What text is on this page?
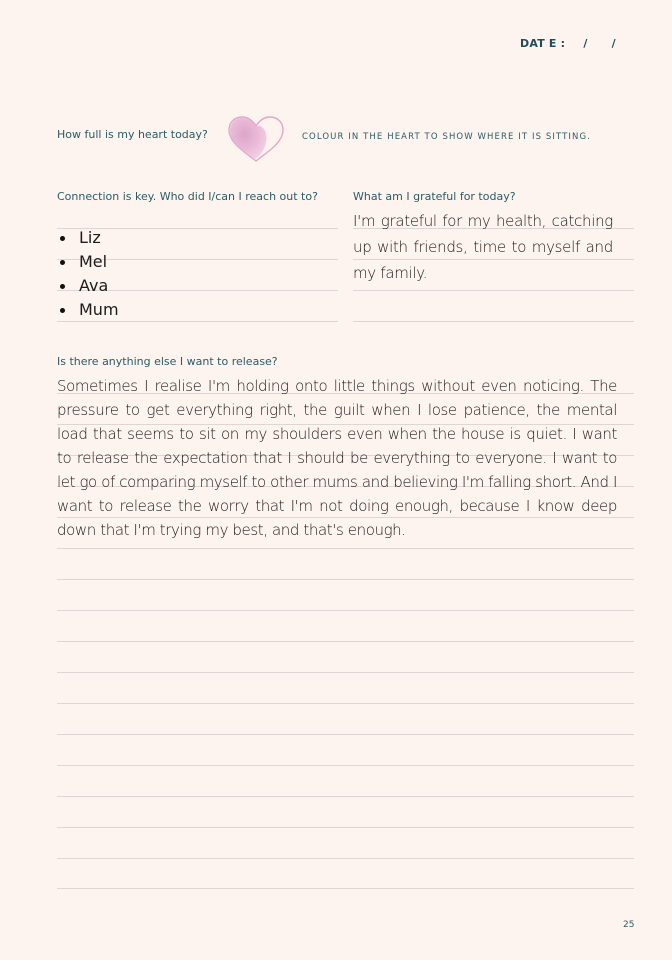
DAT E : / /
How full is my heart today?	COLOUR IN THE HEART TO SHOW WHERE IT IS SITTING.
Connection is key. Who did I/can I reach out to?
Liz
Mel
Ava
Mum
What am I grateful for today?
I'm grateful for my health, catching up with friends, time to myself and my family.
Is there anything else I want to release?
Sometimes I realise I'm holding onto little things without even noticing. The pressure to get everything right, the guilt when I lose patience, the mental load that seems to sit on my shoulders even when the house is quiet. I want to release the expectation that I should be everything to everyone. I want to let go of comparing myself to other mums and believing I'm falling short. And I want to release the worry that I'm not doing enough, because I know deep down that I'm trying my best, and that's enough.
25
